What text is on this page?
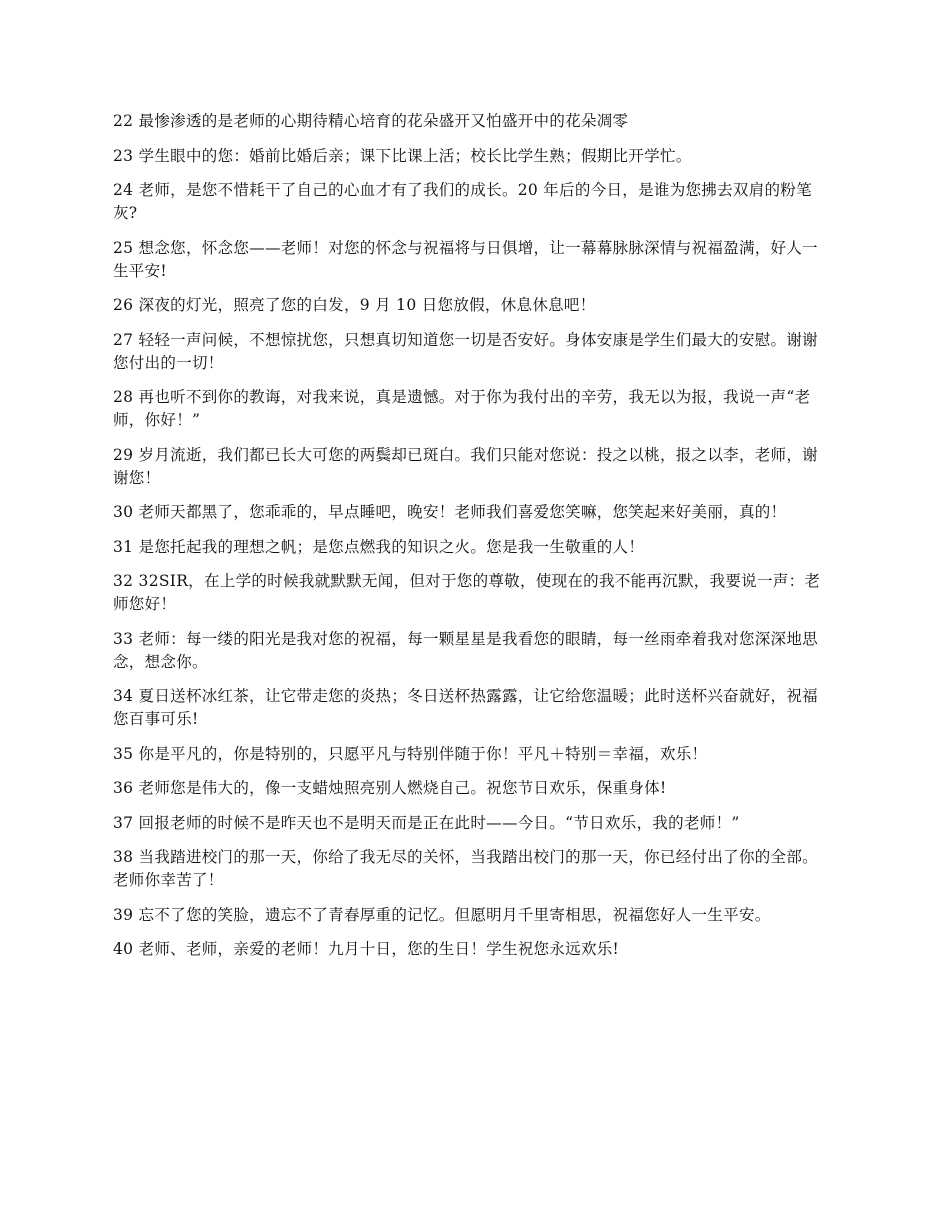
22 最惨渗透的是老师的心期待精心培育的花朵盛开又怕盛开中的花朵凋零

23 学生眼中的您：婚前比婚后亲；课下比课上活；校长比学生熟；假期比开学忙。

24 老师，是您不惜耗干了自己的心血才有了我们的成长。20 年后的今日，是谁为您拂去双肩的粉笔灰?

25 想念您，怀念您——老师！对您的怀念与祝福将与日俱增，让一幕幕脉脉深情与祝福盈满，好人一生平安!

26 深夜的灯光，照亮了您的白发，9 月 10 日您放假，休息休息吧！

27 轻轻一声问候，不想惊扰您，只想真切知道您一切是否安好。身体安康是学生们最大的安慰。谢谢您付出的一切！

28 再也听不到你的教诲，对我来说，真是遗憾。对于你为我付出的辛劳，我无以为报，我说一声“老师，你好！”

29 岁月流逝，我们都已长大可您的两鬓却已斑白。我们只能对您说：投之以桃，报之以李，老师，谢谢您！

30 老师天都黑了，您乖乖的，早点睡吧，晚安！老师我们喜爱您笑嘛，您笑起来好美丽，真的！

31 是您托起我的理想之帆；是您点燃我的知识之火。您是我一生敬重的人！

32 32SIR，在上学的时候我就默默无闻，但对于您的尊敬，使现在的我不能再沉默，我要说一声：老师您好！

33 老师：每一缕的阳光是我对您的祝福，每一颗星星是我看您的眼睛，每一丝雨牵着我对您深深地思念，想念你。

34 夏日送杯冰红茶，让它带走您的炎热；冬日送杯热露露，让它给您温暖；此时送杯兴奋就好，祝福您百事可乐!

35 你是平凡的，你是特别的，只愿平凡与特别伴随于你！平凡＋特别＝幸福，欢乐！

36 老师您是伟大的，像一支蜡烛照亮别人燃烧自己。祝您节日欢乐，保重身体!

37 回报老师的时候不是昨天也不是明天而是正在此时——今日。“节日欢乐，我的老师！”

38 当我踏进校门的那一天，你给了我无尽的关怀，当我踏出校门的那一天，你已经付出了你的全部。老师你幸苦了！

39 忘不了您的笑脸，遗忘不了青春厚重的记忆。但愿明月千里寄相思，祝福您好人一生平安。

40 老师、老师，亲爱的老师！九月十日，您的生日！学生祝您永远欢乐!
